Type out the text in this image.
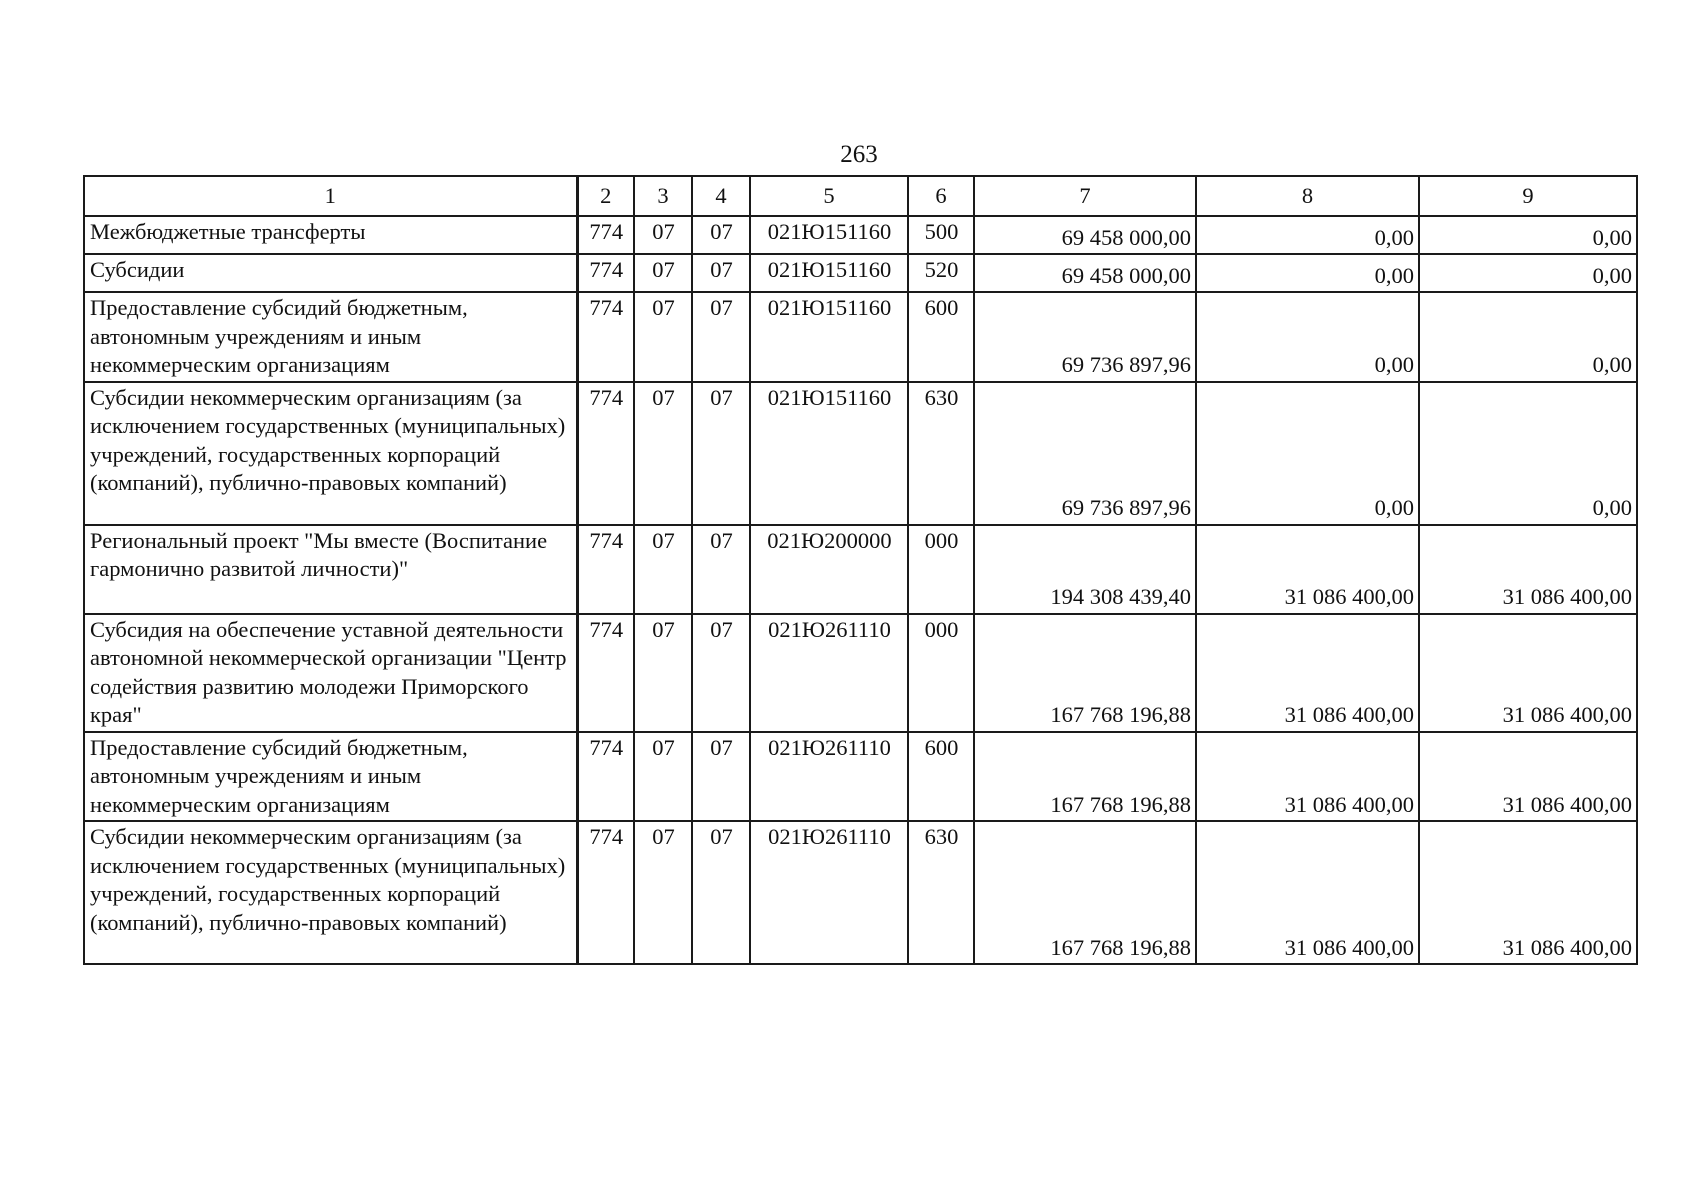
263
1	2	3	4	5	6	7	8	9
Межбюджетные трансферты	774	07	07	021Ю151160	500	69 458 000,00	0,00	0,00
Субсидии	774	07	07	021Ю151160	520	69 458 000,00	0,00	0,00
Предоставление субсидий бюджетным, автономным учреждениям и иным некоммерческим организациям	774	07	07	021Ю151160	600	69 736 897,96	0,00	0,00
Субсидии некоммерческим организациям (за исключением государственных (муниципальных) учреждений, государственных корпораций (компаний), публично-правовых компаний)	774	07	07	021Ю151160	630	69 736 897,96	0,00	0,00
Региональный проект "Мы вместе (Воспитание гармонично развитой личности)"	774	07	07	021Ю200000	000	194 308 439,40	31 086 400,00	31 086 400,00
Субсидия на обеспечение уставной деятельности автономной некоммерческой организации "Центр содействия развитию молодежи Приморского края"	774	07	07	021Ю261110	000	167 768 196,88	31 086 400,00	31 086 400,00
Предоставление субсидий бюджетным, автономным учреждениям и иным некоммерческим организациям	774	07	07	021Ю261110	600	167 768 196,88	31 086 400,00	31 086 400,00
Субсидии некоммерческим организациям (за исключением государственных (муниципальных) учреждений, государственных корпораций (компаний), публично-правовых компаний)	774	07	07	021Ю261110	630	167 768 196,88	31 086 400,00	31 086 400,00
